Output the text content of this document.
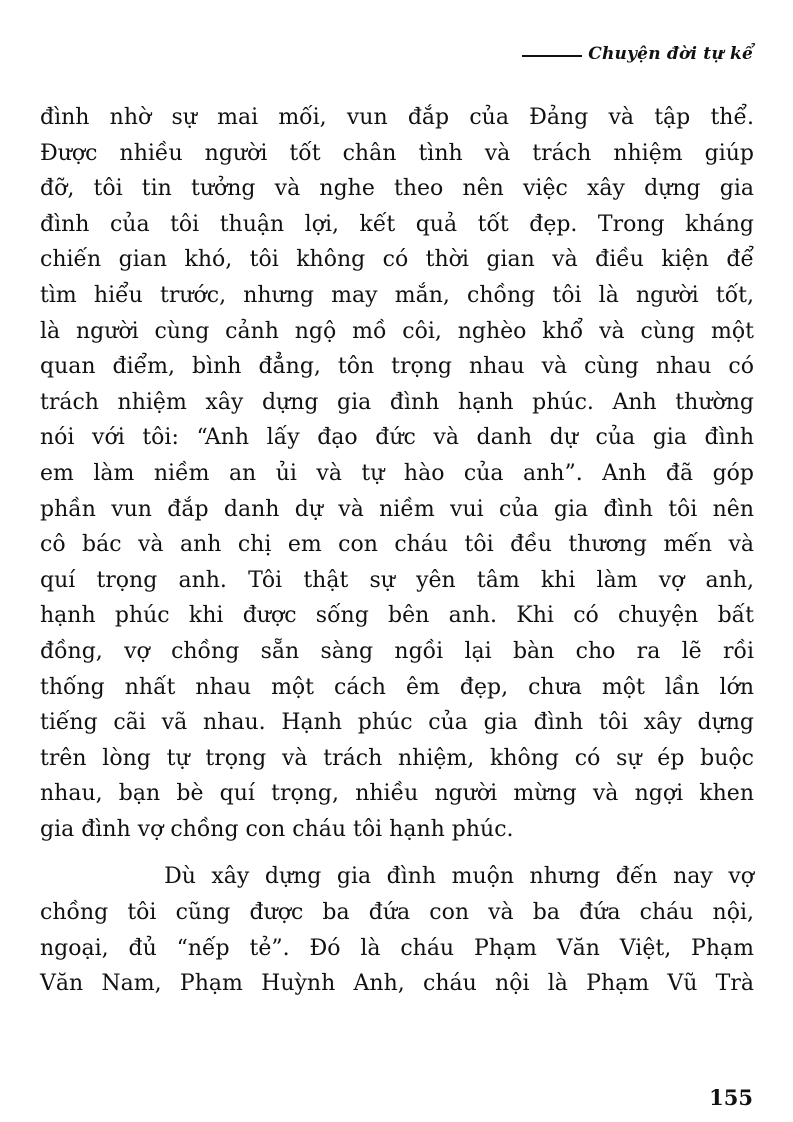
Chuyện đời tự kể
đình nhờ sự mai mối, vun đắp của Đảng và tập thể.
Được nhiều người tốt chân tình và trách nhiệm giúp
đỡ, tôi tin tưởng và nghe theo nên việc xây dựng gia
đình của tôi thuận lợi, kết quả tốt đẹp. Trong kháng
chiến gian khó, tôi không có thời gian và điều kiện để
tìm hiểu trước, nhưng may mắn, chồng tôi là người tốt,
là người cùng cảnh ngộ mồ côi, nghèo khổ và cùng một
quan điểm, bình đẳng, tôn trọng nhau và cùng nhau có
trách nhiệm xây dựng gia đình hạnh phúc. Anh thường
nói với tôi: “Anh lấy đạo đức và danh dự của gia đình
em làm niềm an ủi và tự hào của anh”. Anh đã góp
phần vun đắp danh dự và niềm vui của gia đình tôi nên
cô bác và anh chị em con cháu tôi đều thương mến và
quí trọng anh. Tôi thật sự yên tâm khi làm vợ anh,
hạnh phúc khi được sống bên anh. Khi có chuyện bất
đồng, vợ chồng sẵn sàng ngồi lại bàn cho ra lẽ rồi
thống nhất nhau một cách êm đẹp, chưa một lần lớn
tiếng cãi vã nhau. Hạnh phúc của gia đình tôi xây dựng
trên lòng tự trọng và trách nhiệm, không có sự ép buộc
nhau, bạn bè quí trọng, nhiều người mừng và ngợi khen
gia đình vợ chồng con cháu tôi hạnh phúc.
Dù xây dựng gia đình muộn nhưng đến nay vợ
chồng tôi cũng được ba đứa con và ba đứa cháu nội,
ngoại, đủ “nếp tẻ”. Đó là cháu Phạm Văn Việt, Phạm
Văn Nam, Phạm Huỳnh Anh, cháu nội là Phạm Vũ Trà
155
